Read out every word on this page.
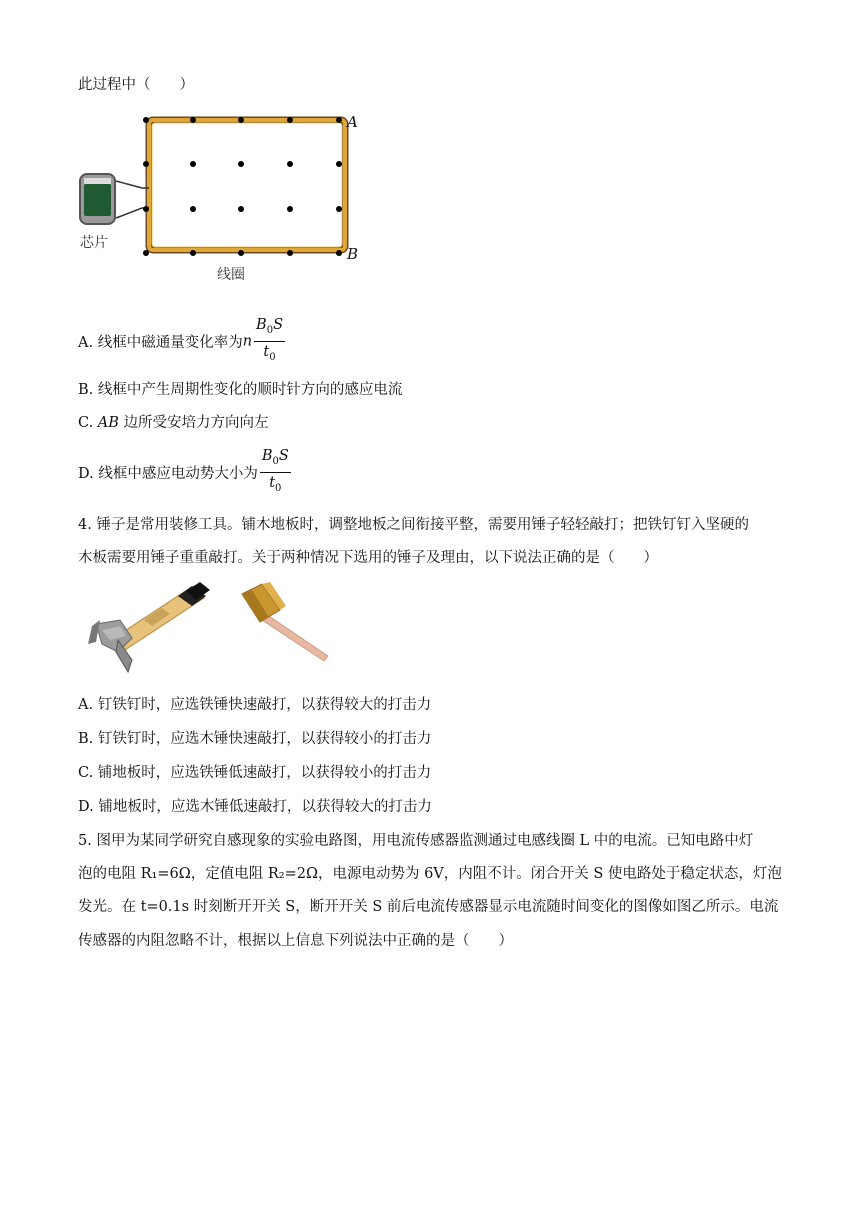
此过程中（　　）
A
B
芯片
线圈
A. 线框中磁通量变化率为n $\frac{B_0S}{t_0}$
B. 线框中产生周期性变化的顺时针方向的感应电流
C. AB 边所受安培力方向向左
D. 线框中感应电动势大小为 $\frac{B_0S}{t_0}$
4. 锤子是常用装修工具。铺木地板时，调整地板之间衔接平整，需要用锤子轻轻敲打；把铁钉钉入坚硬的
木板需要用锤子重重敲打。关于两种情况下选用的锤子及理由，以下说法正确的是（　　）
A. 钉铁钉时，应选铁锤快速敲打，以获得较大的打击力
B. 钉铁钉时，应选木锤快速敲打，以获得较小的打击力
C. 铺地板时，应选铁锤低速敲打，以获得较小的打击力
D. 铺地板时，应选木锤低速敲打，以获得较大的打击力
5. 图甲为某同学研究自感现象的实验电路图，用电流传感器监测通过电感线圈 L 中的电流。已知电路中灯
泡的电阻 R₁=6Ω，定值电阻 R₂=2Ω，电源电动势为 6V，内阻不计。闭合开关 S 使电路处于稳定状态，灯泡
发光。在 t=0.1s 时刻断开开关 S，断开开关 S 前后电流传感器显示电流随时间变化的图像如图乙所示。电流
传感器的内阻忽略不计，根据以上信息下列说法中正确的是（　　）
